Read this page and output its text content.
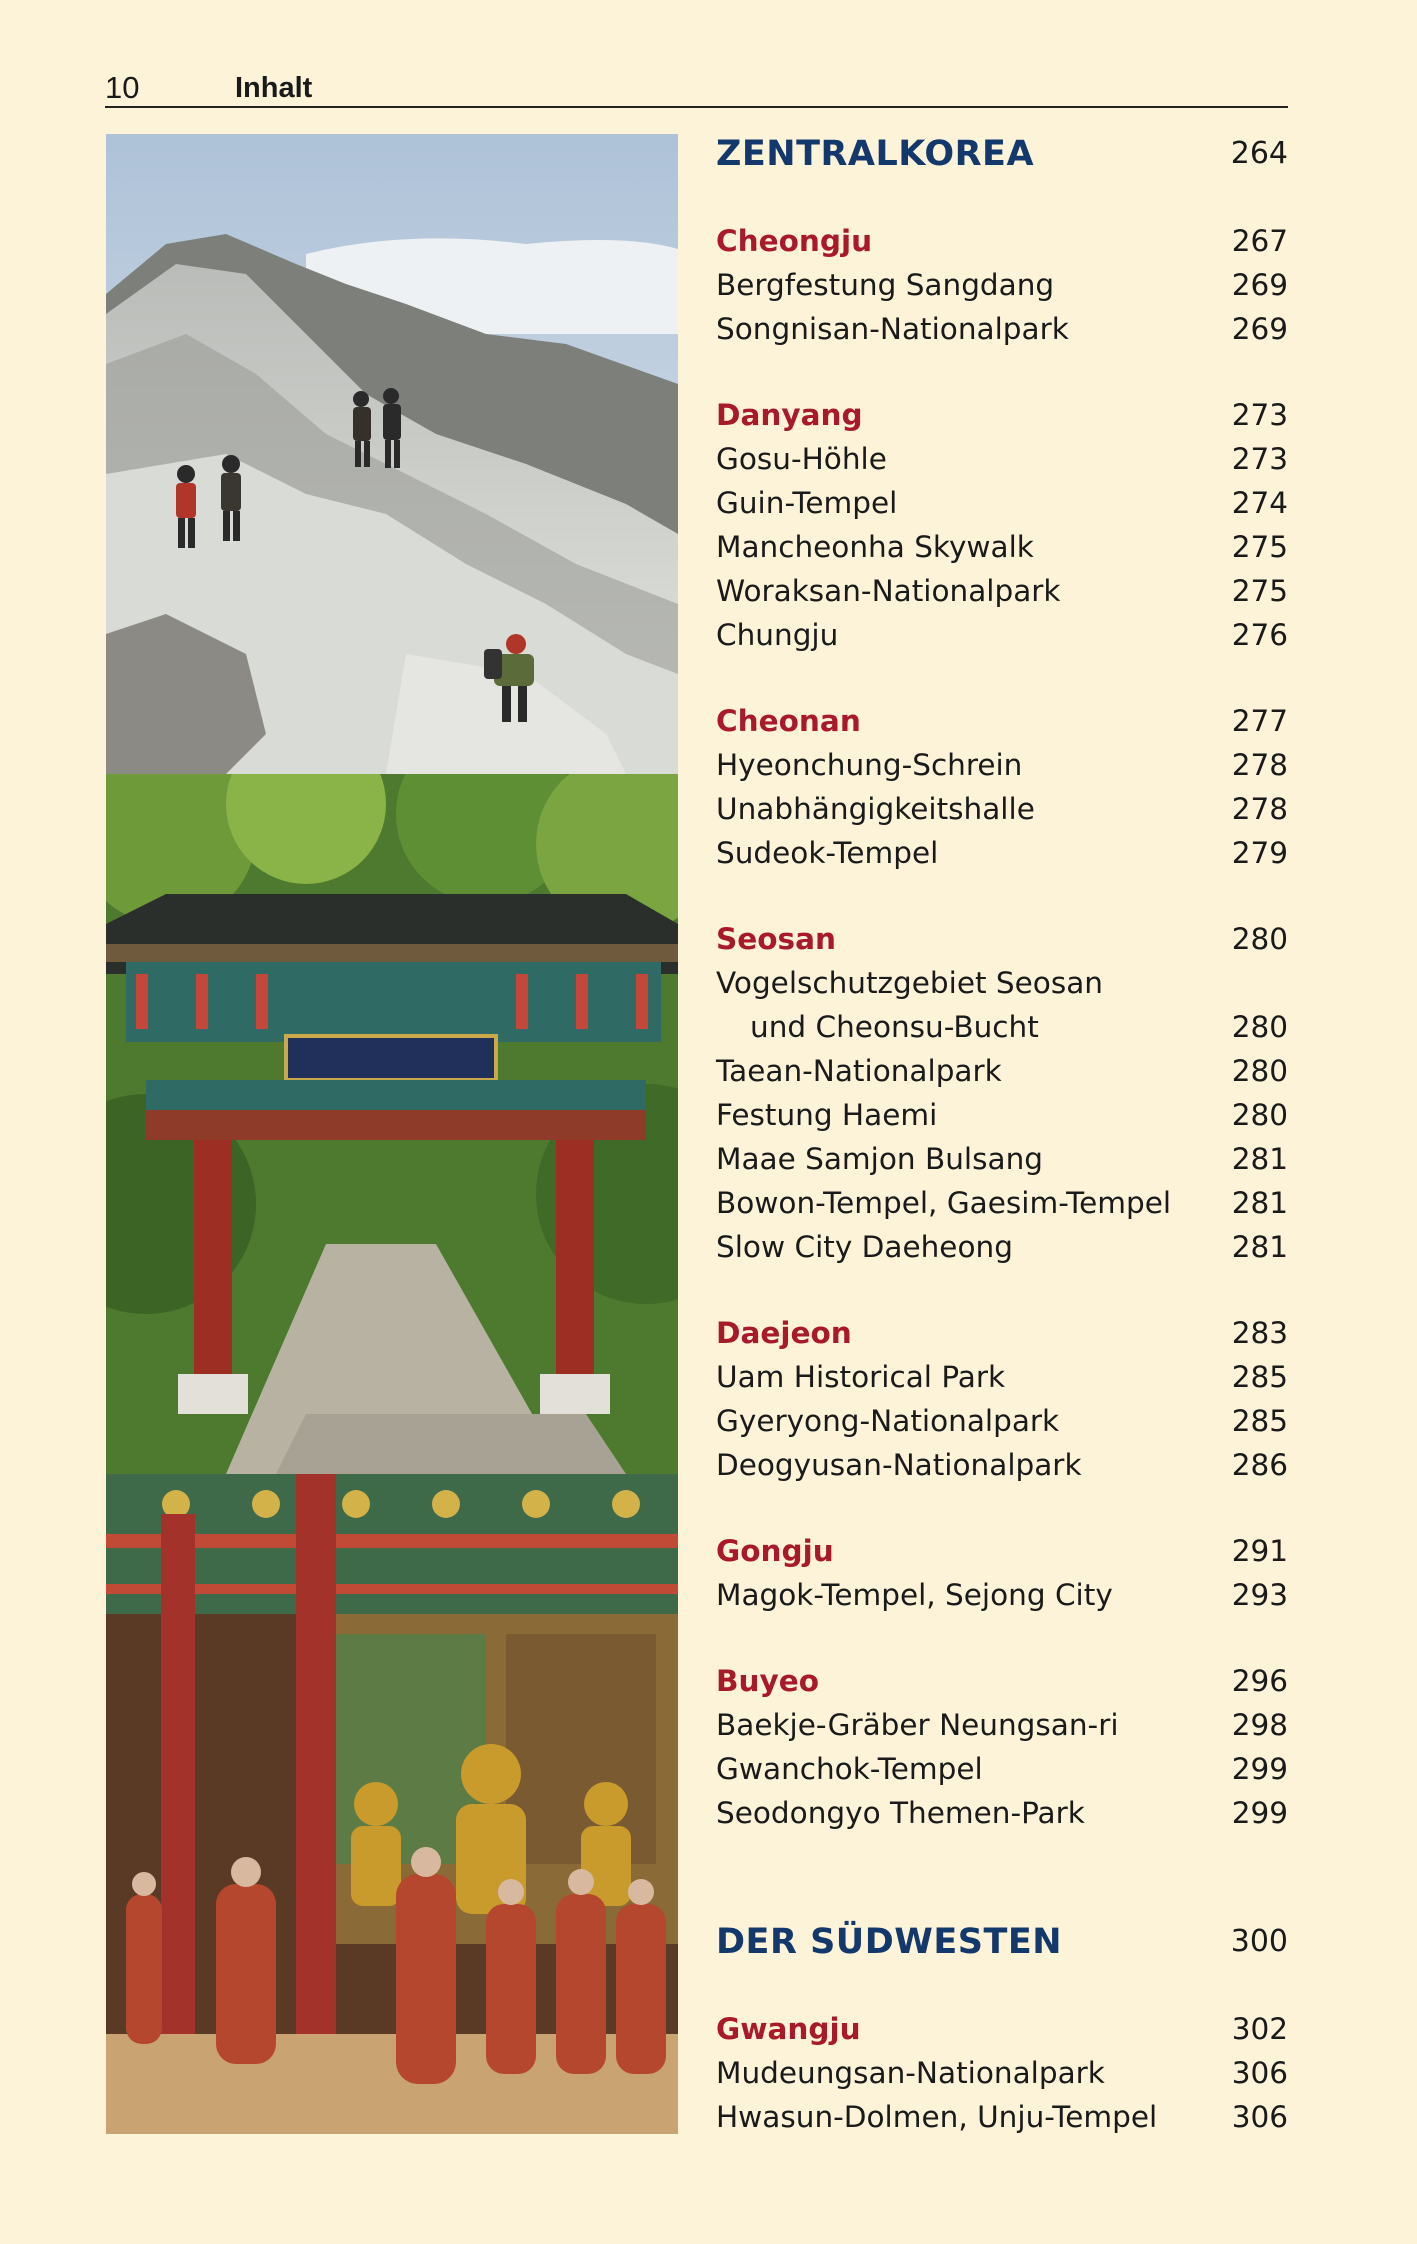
10	Inhalt
ZENTRALKOREA	264
Cheongju	267
Bergfestung Sangdang	269
Songnisan-Nationalpark	269
Danyang	273
Gosu-Höhle	273
Guin-Tempel	274
Mancheonha Skywalk	275
Woraksan-Nationalpark	275
Chungju	276
Cheonan	277
Hyeonchung-Schrein	278
Unabhängigkeitshalle	278
Sudeok-Tempel	279
Seosan	280
Vogelschutzgebiet Seosan
und Cheonsu-Bucht	280
Taean-Nationalpark	280
Festung Haemi	280
Maae Samjon Bulsang	281
Bowon-Tempel, Gaesim-Tempel 281
Slow City Daeheong	281
Daejeon	283
Uam Historical Park	285
Gyeryong-Nationalpark	285
Deogyusan-Nationalpark	286
Gongju	291
Magok-Tempel, Sejong City	293
Buyeo	296
Baekje-Gräber Neungsan-ri	298
Gwanchok-Tempel	299
Seodongyo Themen-Park	299
DER SÜDWESTEN	300
Gwangju	302
Mudeungsan-Nationalpark	306
Hwasun-Dolmen, Unju-Tempel	306
